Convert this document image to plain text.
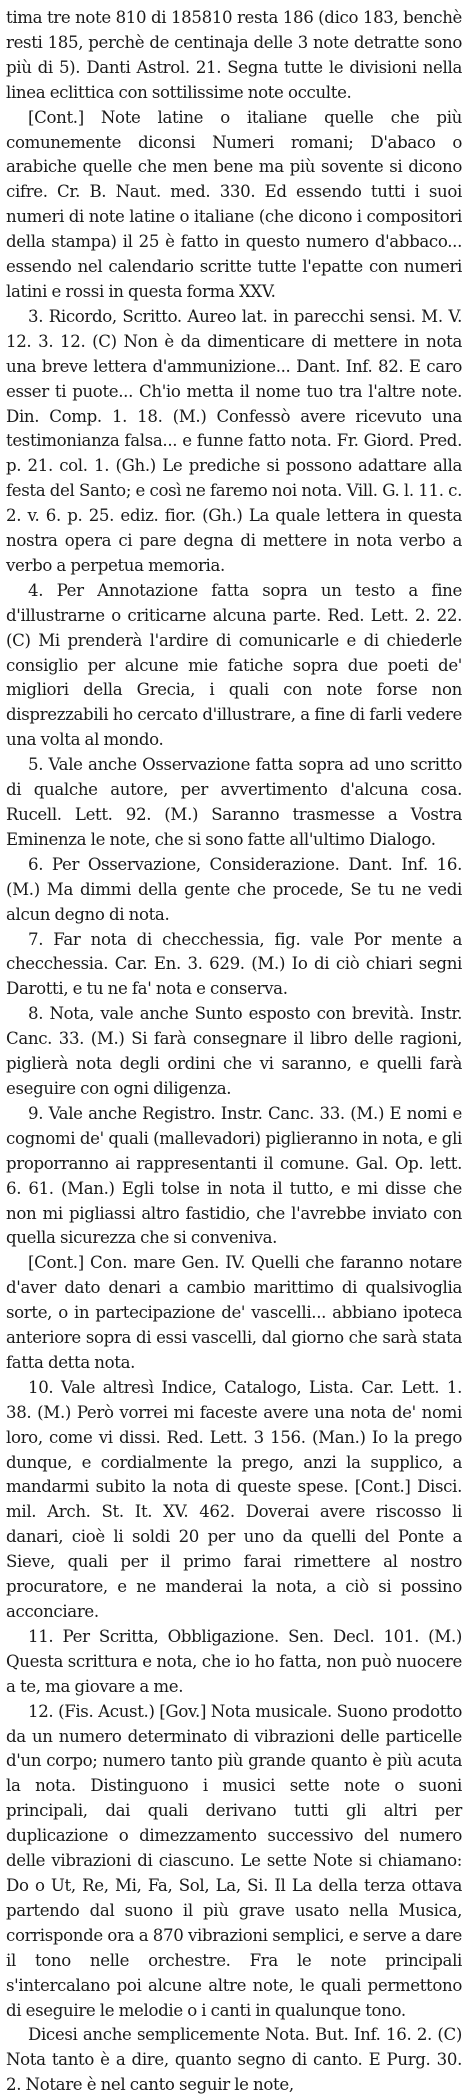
tima tre note 810 di 185810 resta 186 (dico 183, benchè resti 185, perchè de centinaja delle 3 note detratte sono più di 5). Danti Astrol. 21. Segna tutte le divisioni nella linea eclittica con sottilissime note occulte.

[Cont.] Note latine o italiane quelle che più comunemente diconsi Numeri romani; D'abaco o arabiche quelle che men bene ma più sovente si dicono cifre. Cr. B. Naut. med. 330. Ed essendo tutti i suoi numeri di note latine o italiane (che dicono i compositori della stampa) il 25 è fatto in questo numero d'abbaco... essendo nel calendario scritte tutte l'epatte con numeri latini e rossi in questa forma XXV.

3. Ricordo, Scritto. Aureo lat. in parecchi sensi. M. V. 12. 3. 12. (C) Non è da dimenticare di mettere in nota una breve lettera d'ammunizione... Dant. Inf. 82. E caro esser ti puote... Ch'io metta il nome tuo tra l'altre note. Din. Comp. 1. 18. (M.) Confessò avere ricevuto una testimonianza falsa... e funne fatto nota. Fr. Giord. Pred. p. 21. col. 1. (Gh.) Le prediche si possono adattare alla festa del Santo; e così ne faremo noi nota. Vill. G. l. 11. c. 2. v. 6. p. 25. ediz. fior. (Gh.) La quale lettera in questa nostra opera ci pare degna di mettere in nota verbo a verbo a perpetua memoria.

4. Per Annotazione fatta sopra un testo a fine d'illustrarne o criticarne alcuna parte. Red. Lett. 2. 22. (C) Mi prenderà l'ardire di comunicarle e di chiederle consiglio per alcune mie fatiche sopra due poeti de' migliori della Grecia, i quali con note forse non disprezzabili ho cercato d'illustrare, a fine di farli vedere una volta al mondo.

5. Vale anche Osservazione fatta sopra ad uno scritto di qualche autore, per avvertimento d'alcuna cosa. Rucell. Lett. 92. (M.) Saranno trasmesse a Vostra Eminenza le note, che si sono fatte all'ultimo Dialogo.

6. Per Osservazione, Considerazione. Dant. Inf. 16. (M.) Ma dimmi della gente che procede, Se tu ne vedi alcun degno di nota.

7. Far nota di checchessia, fig. vale Por mente a checchessia. Car. En. 3. 629. (M.) Io di ciò chiari segni Darotti, e tu ne fa' nota e conserva.

8. Nota, vale anche Sunto esposto con brevità. Instr. Canc. 33. (M.) Si farà consegnare il libro delle ragioni, piglierà nota degli ordini che vi saranno, e quelli farà eseguire con ogni diligenza.

9. Vale anche Registro. Instr. Canc. 33. (M.) E nomi e cognomi de' quali (mallevadori) piglieranno in nota, e gli proporranno ai rappresentanti il comune. Gal. Op. lett. 6. 61. (Man.) Egli tolse in nota il tutto, e mi disse che non mi pigliassi altro fastidio, che l'avrebbe inviato con quella sicurezza che si conveniva.

[Cont.] Con. mare Gen. IV. Quelli che faranno notare d'aver dato denari a cambio marittimo di qualsivoglia sorte, o in partecipazione de' vascelli... abbiano ipoteca anteriore sopra di essi vascelli, dal giorno che sarà stata fatta detta nota.

10. Vale altresì Indice, Catalogo, Lista. Car. Lett. 1. 38. (M.) Però vorrei mi faceste avere una nota de' nomi loro, come vi dissi. Red. Lett. 3 156. (Man.) Io la prego dunque, e cordialmente la prego, anzi la supplico, a mandarmi subito la nota di queste spese. [Cont.] Disci. mil. Arch. St. It. XV. 462. Doverai avere riscosso li danari, cioè li soldi 20 per uno da quelli del Ponte a Sieve, quali per il primo farai rimettere al nostro procuratore, e ne manderai la nota, a ciò si possino acconciare.

11. Per Scritta, Obbligazione. Sen. Decl. 101. (M.) Questa scrittura e nota, che io ho fatta, non può nuocere a te, ma giovare a me.

12. (Fis. Acust.) [Gov.] Nota musicale. Suono prodotto da un numero determinato di vibrazioni delle particelle d'un corpo; numero tanto più grande quanto è più acuta la nota. Distinguono i musici sette note o suoni principali, dai quali derivano tutti gli altri per duplicazione o dimezzamento successivo del numero delle vibrazioni di ciascuno. Le sette Note si chiamano: Do o Ut, Re, Mi, Fa, Sol, La, Si. Il La della terza ottava partendo dal suono il più grave usato nella Musica, corrisponde ora a 870 vibrazioni semplici, e serve a dare il tono nelle orchestre. Fra le note principali s'intercalano poi alcune altre note, le quali permettono di eseguire le melodie o i canti in qualunque tono.

Dicesi anche semplicemente Nota. But. Inf. 16. 2. (C) Nota tanto è a dire, quanto segno di canto. E Purg. 30. 2. Notare è nel canto seguir le note,
